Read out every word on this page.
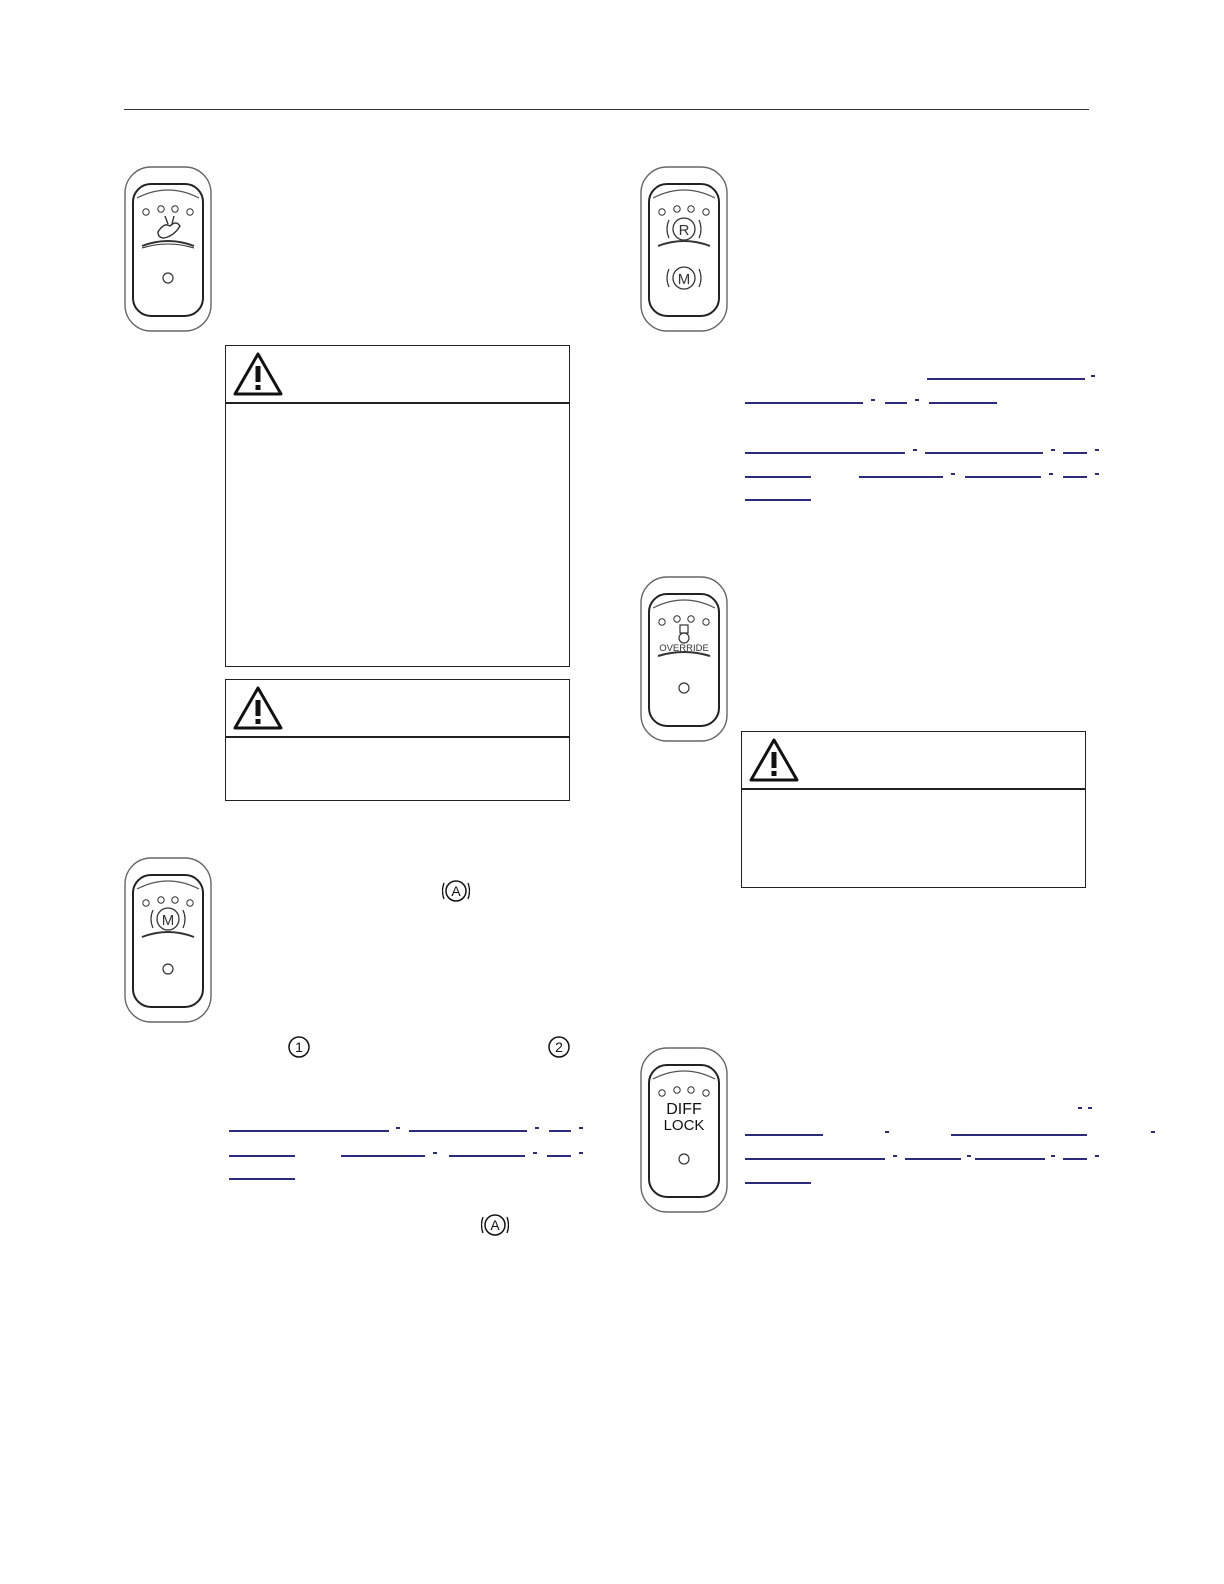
R
M
M
A
1	2
A
OVERRIDE
DIFF
LOCK
